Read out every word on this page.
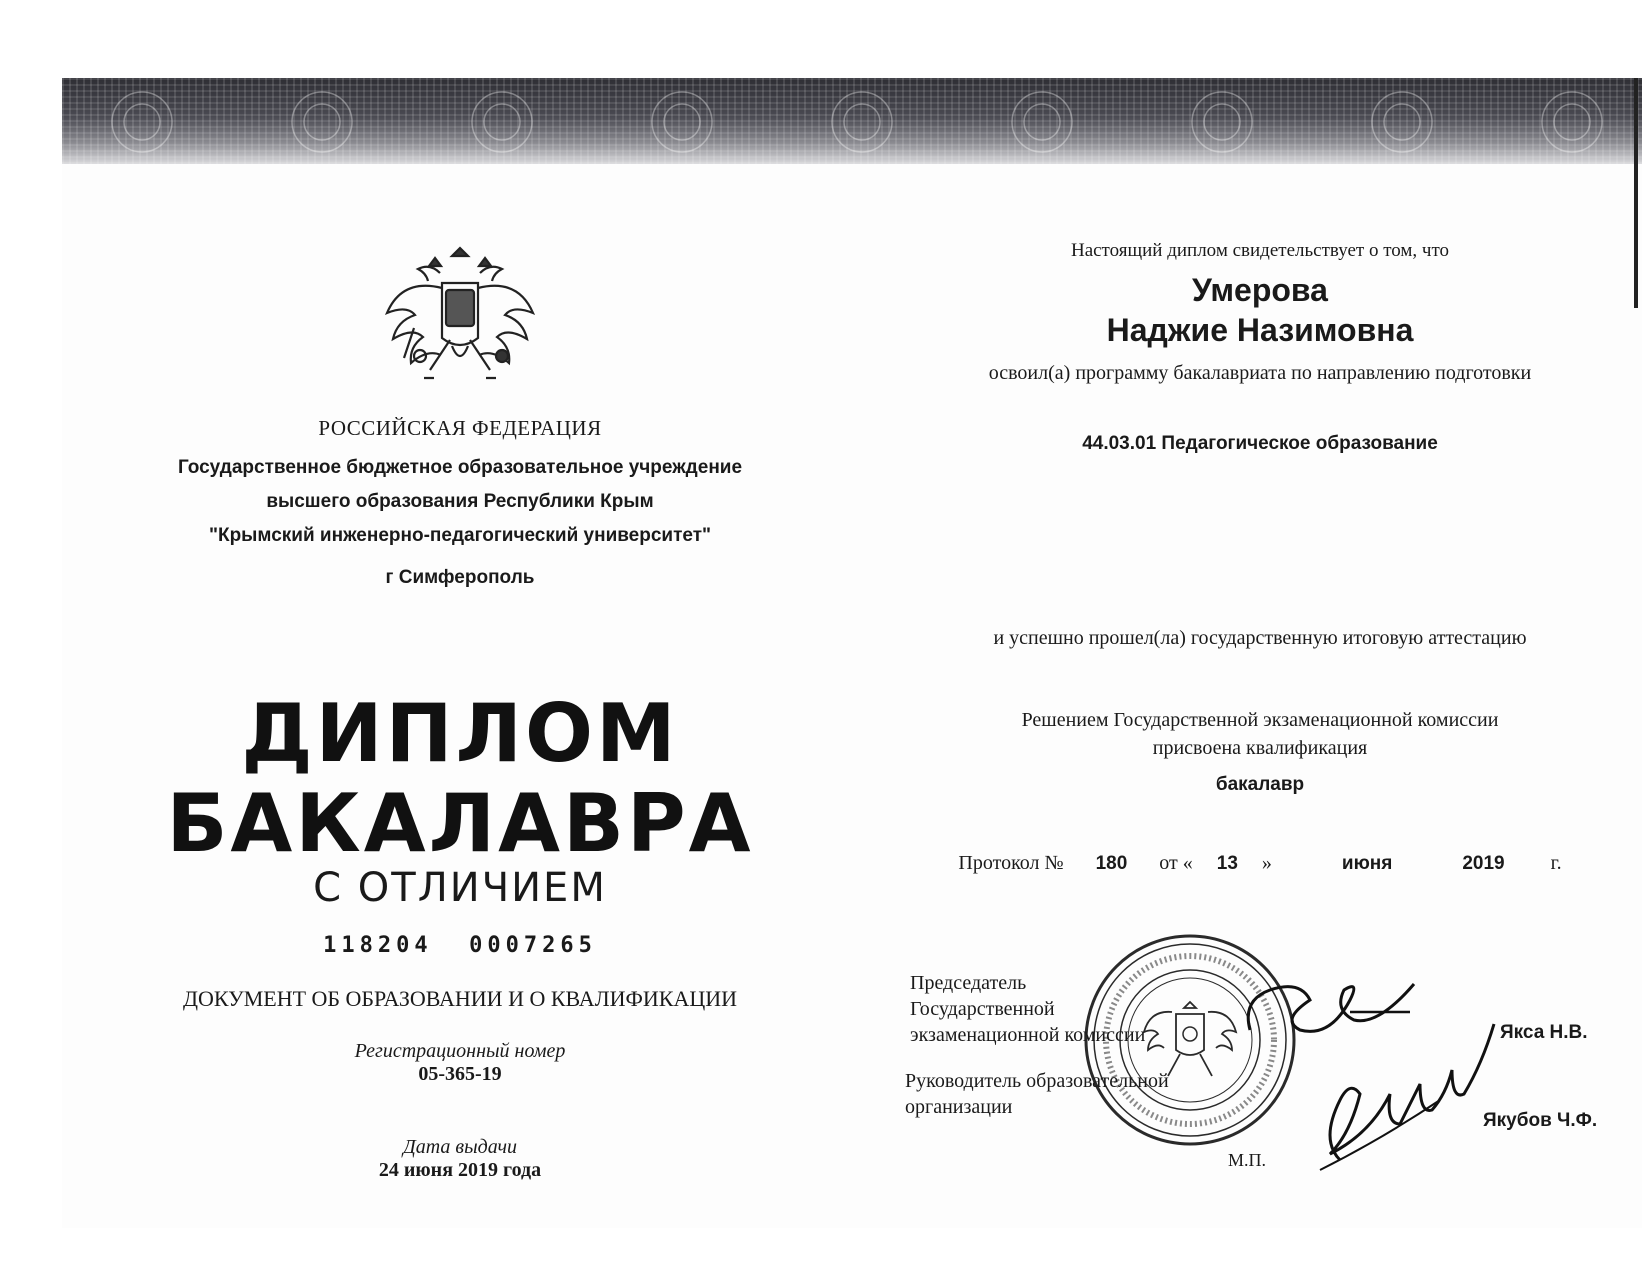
РОССИЙСКАЯ ФЕДЕРАЦИЯ
Государственное бюджетное образовательное учреждение
высшего образования Республики Крым
"Крымский инженерно-педагогический университет"
г Симферополь
ДИПЛОМ
БАКАЛАВРА
С ОТЛИЧИЕМ
118204  0007265
ДОКУМЕНТ ОБ ОБРАЗОВАНИИ И О КВАЛИФИКАЦИИ
Регистрационный номер
05-365-19
Дата выдачи
24 июня 2019 года
Настоящий диплом свидетельствует о том, что
Умерова
Наджие Назимовна
освоил(а) программу бакалавриата по направлению подготовки
44.03.01 Педагогическое образование
и успешно прошел(ла) государственную итоговую аттестацию
Решением Государственной экзаменационной комиссии
присвоена квалификация
бакалавр
Протокол № 180 от « 13 »	июня	2019 г.
Председатель
Государственной
экзаменационной комиссии	Якса Н.В.
Руководитель образовательной
организации
Якубов Ч.Ф.
М.П.
